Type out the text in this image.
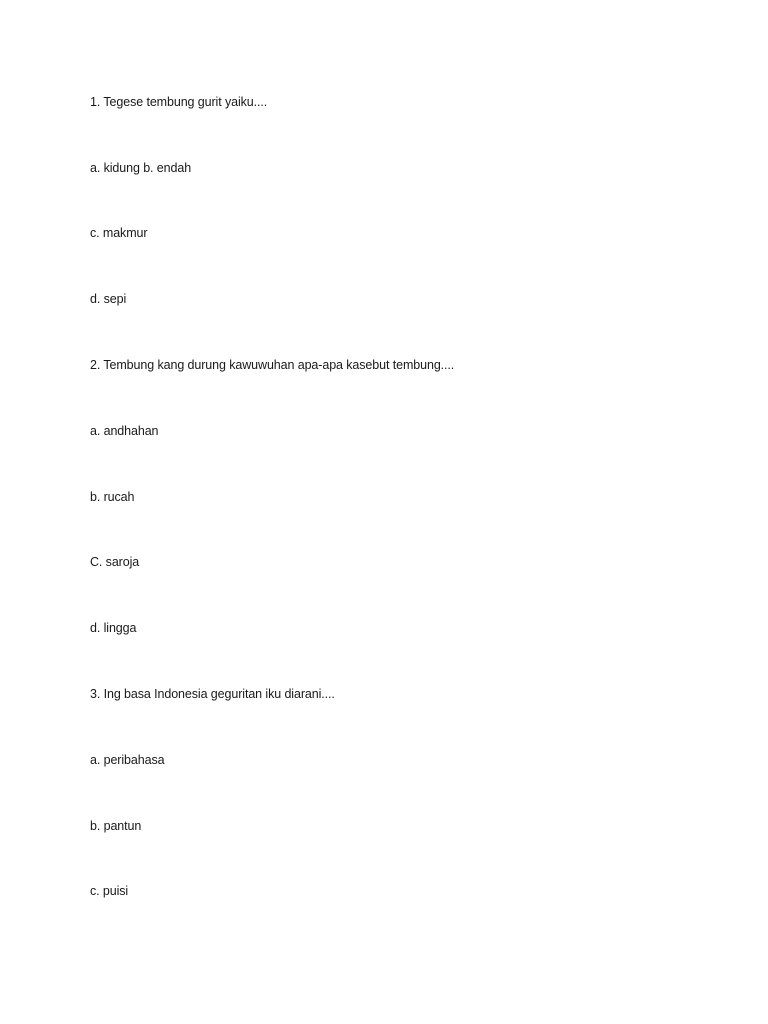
1. Tegese tembung gurit yaiku....

a. kidung b. endah

c. makmur

d. sepi

2. Tembung kang durung kawuwuhan apa-apa kasebut tembung....

a. andhahan

b. rucah

C. saroja

d. lingga

3. Ing basa Indonesia geguritan iku diarani....

a. peribahasa

b. pantun

c. puisi
